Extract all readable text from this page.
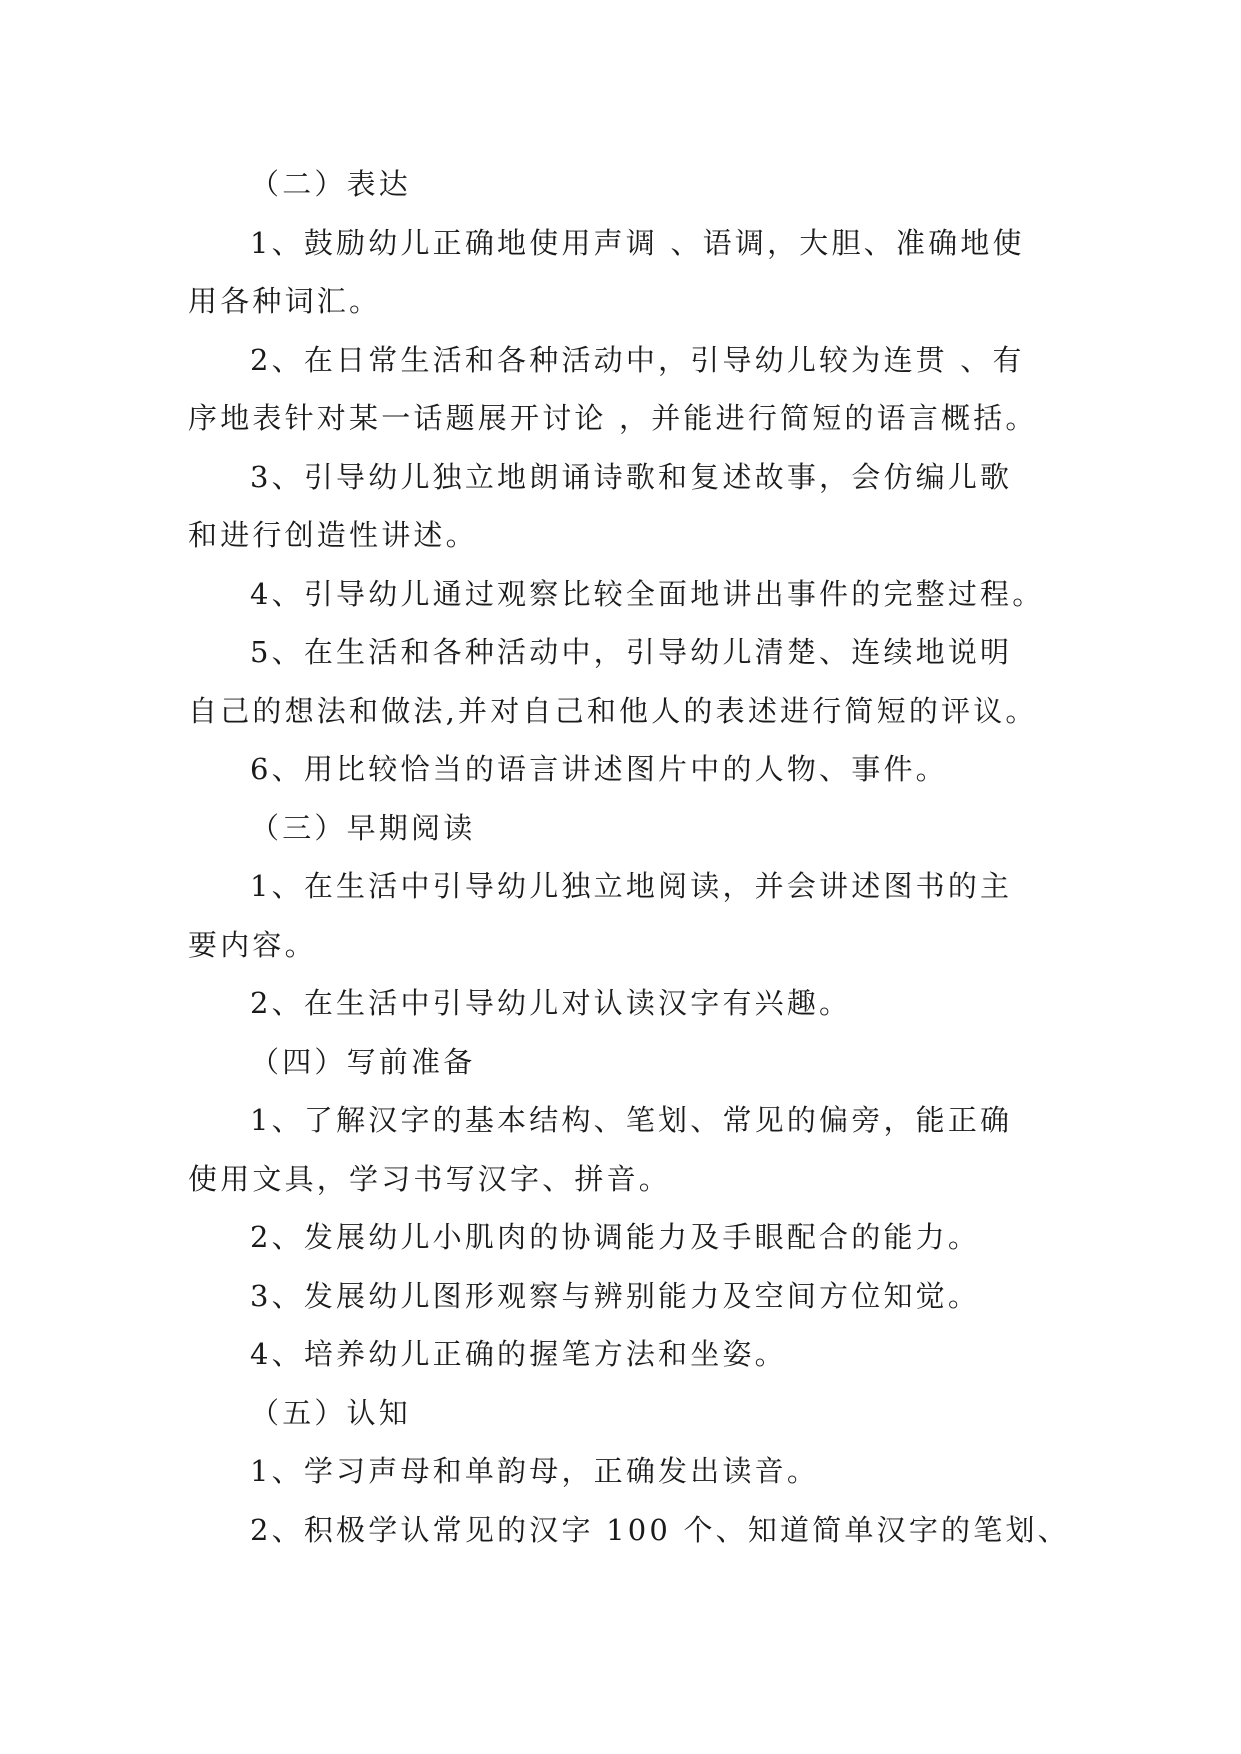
（二）表达
1、鼓励幼儿正确地使用声调 、语调，大胆、准确地使
用各种词汇。
2、在日常生活和各种活动中，引导幼儿较为连贯 、有
序地表针对某一话题展开讨论 ，并能进行简短的语言概括。
3、引导幼儿独立地朗诵诗歌和复述故事，会仿编儿歌
和进行创造性讲述。
4、引导幼儿通过观察比较全面地讲出事件的完整过程。
5、在生活和各种活动中，引导幼儿清楚、连续地说明
自己的想法和做法,并对自己和他人的表述进行简短的评议。
6、用比较恰当的语言讲述图片中的人物、事件。
（三）早期阅读
1、在生活中引导幼儿独立地阅读，并会讲述图书的主
要内容。
2、在生活中引导幼儿对认读汉字有兴趣。
（四）写前准备
1、了解汉字的基本结构、笔划、常见的偏旁，能正确
使用文具，学习书写汉字、拼音。
2、发展幼儿小肌肉的协调能力及手眼配合的能力。
3、发展幼儿图形观察与辨别能力及空间方位知觉。
4、培养幼儿正确的握笔方法和坐姿。
（五）认知
1、学习声母和单韵母，正确发出读音。
2、积极学认常见的汉字 100 个、知道简单汉字的笔划、
